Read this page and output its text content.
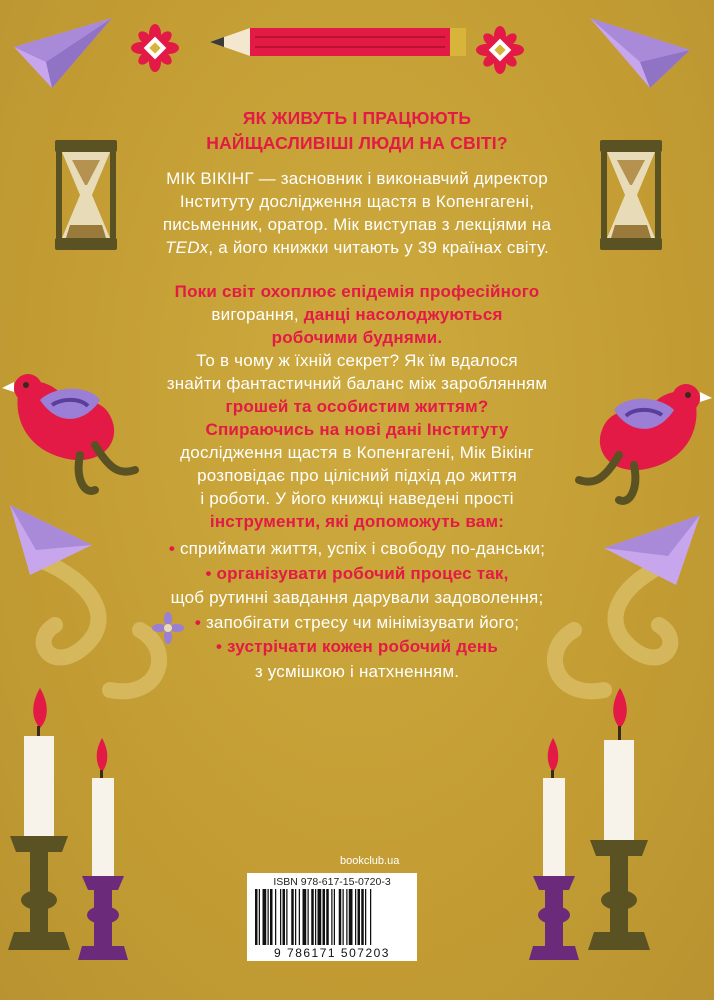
ЯК ЖИВУТЬ І ПРАЦЮЮТЬ
НАЙЩАСЛИВІШІ ЛЮДИ НА СВІТІ?
МІК ВІКІНГ — засновник і виконавчий директор
Інституту дослідження щастя в Копенгагені,
письменник, оратор. Мік виступав з лекціями на
TEDx, а його книжки читають у 39 країнах світу.
Поки світ охоплює епідемія професійного
вигорання, данці насолоджуються
робочими буднями.
То в чому ж їхній секрет? Як їм вдалося
знайти фантастичний баланс між зароблянням
грошей та особистим життям?
Спираючись на нові дані Інституту
дослідження щастя в Копенгагені, Мік Вікінг
розповідає про цілісний підхід до життя
і роботи. У його книжці наведені прості
інструменти, які допоможуть вам:
• сприймати життя, успіх і свободу по-данськи;
• організувати робочий процес так,
щоб рутинні завдання дарували задоволення;
• запобігати стресу чи мінімізувати його;
• зустрічати кожен робочий день
з усмішкою і натхненням.
bookclub.ua
ISBN 978-617-15-0720-3
9 786171 507203
